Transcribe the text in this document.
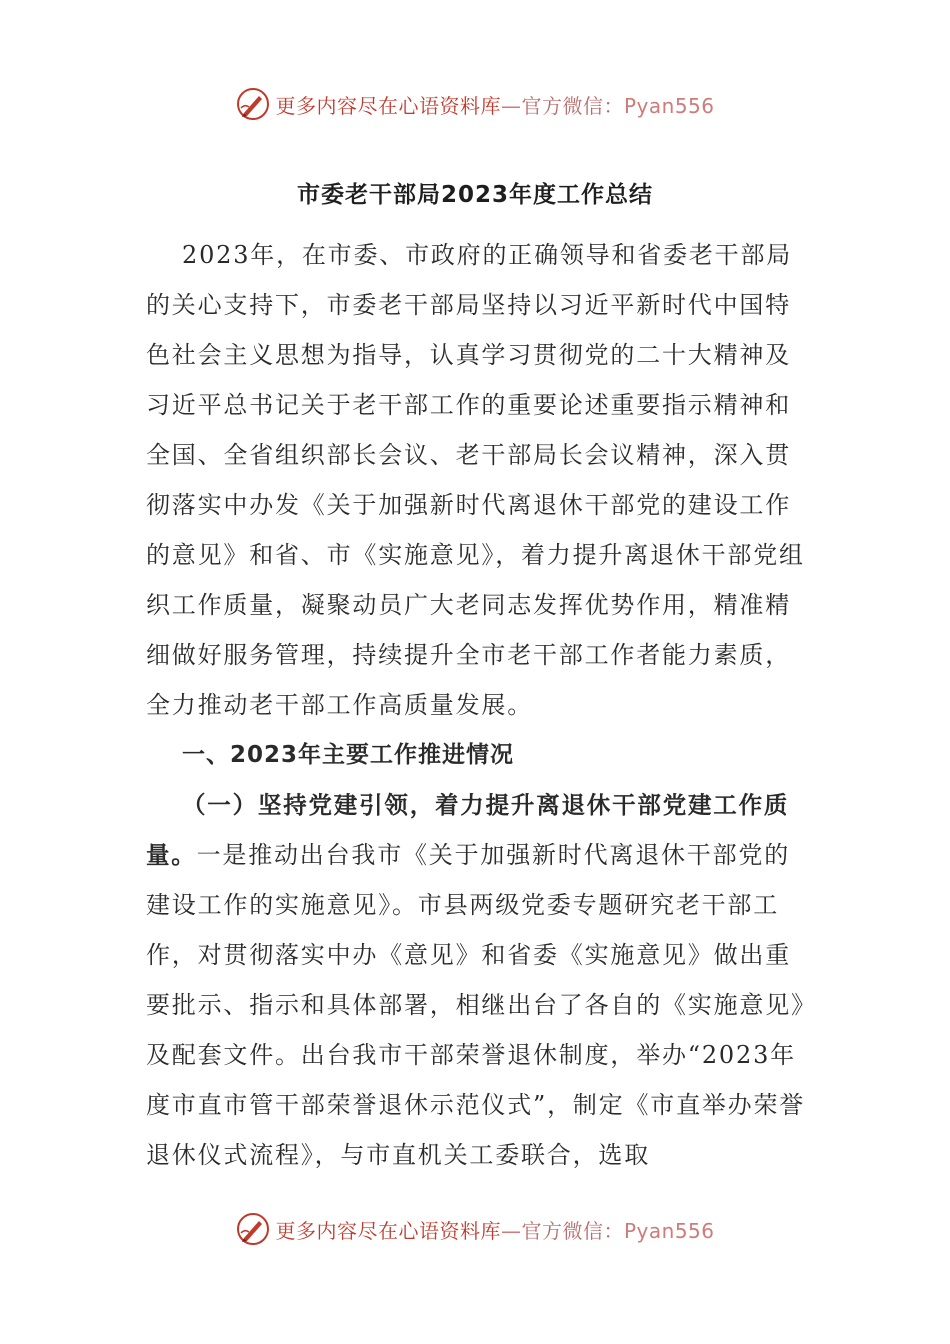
更多内容尽在心语资料库—官方微信：Pyan556
市委老干部局2023年度工作总结

2023年，在市委、市政府的正确领导和省委老干部局的关心支持下，市委老干部局坚持以习近平新时代中国特色社会主义思想为指导，认真学习贯彻党的二十大精神及习近平总书记关于老干部工作的重要论述重要指示精神和全国、全省组织部长会议、老干部局长会议精神，深入贯彻落实中办发《关于加强新时代离退休干部党的建设工作的意见》和省、市《实施意见》，着力提升离退休干部党组织工作质量，凝聚动员广大老同志发挥优势作用，精准精细做好服务管理，持续提升全市老干部工作者能力素质，全力推动老干部工作高质量发展。

一、2023年主要工作推进情况

（一）坚持党建引领，着力提升离退休干部党建工作质量。一是推动出台我市《关于加强新时代离退休干部党的建设工作的实施意见》。市县两级党委专题研究老干部工作，对贯彻落实中办《意见》和省委《实施意见》做出重要批示、指示和具体部署，相继出台了各自的《实施意见》及配套文件。出台我市干部荣誉退休制度，举办“2023年度市直市管干部荣誉退休示范仪式”，制定《市直举办荣誉退休仪式流程》，与市直机关工委联合，选取

更多内容尽在心语资料库—官方微信：Pyan556
